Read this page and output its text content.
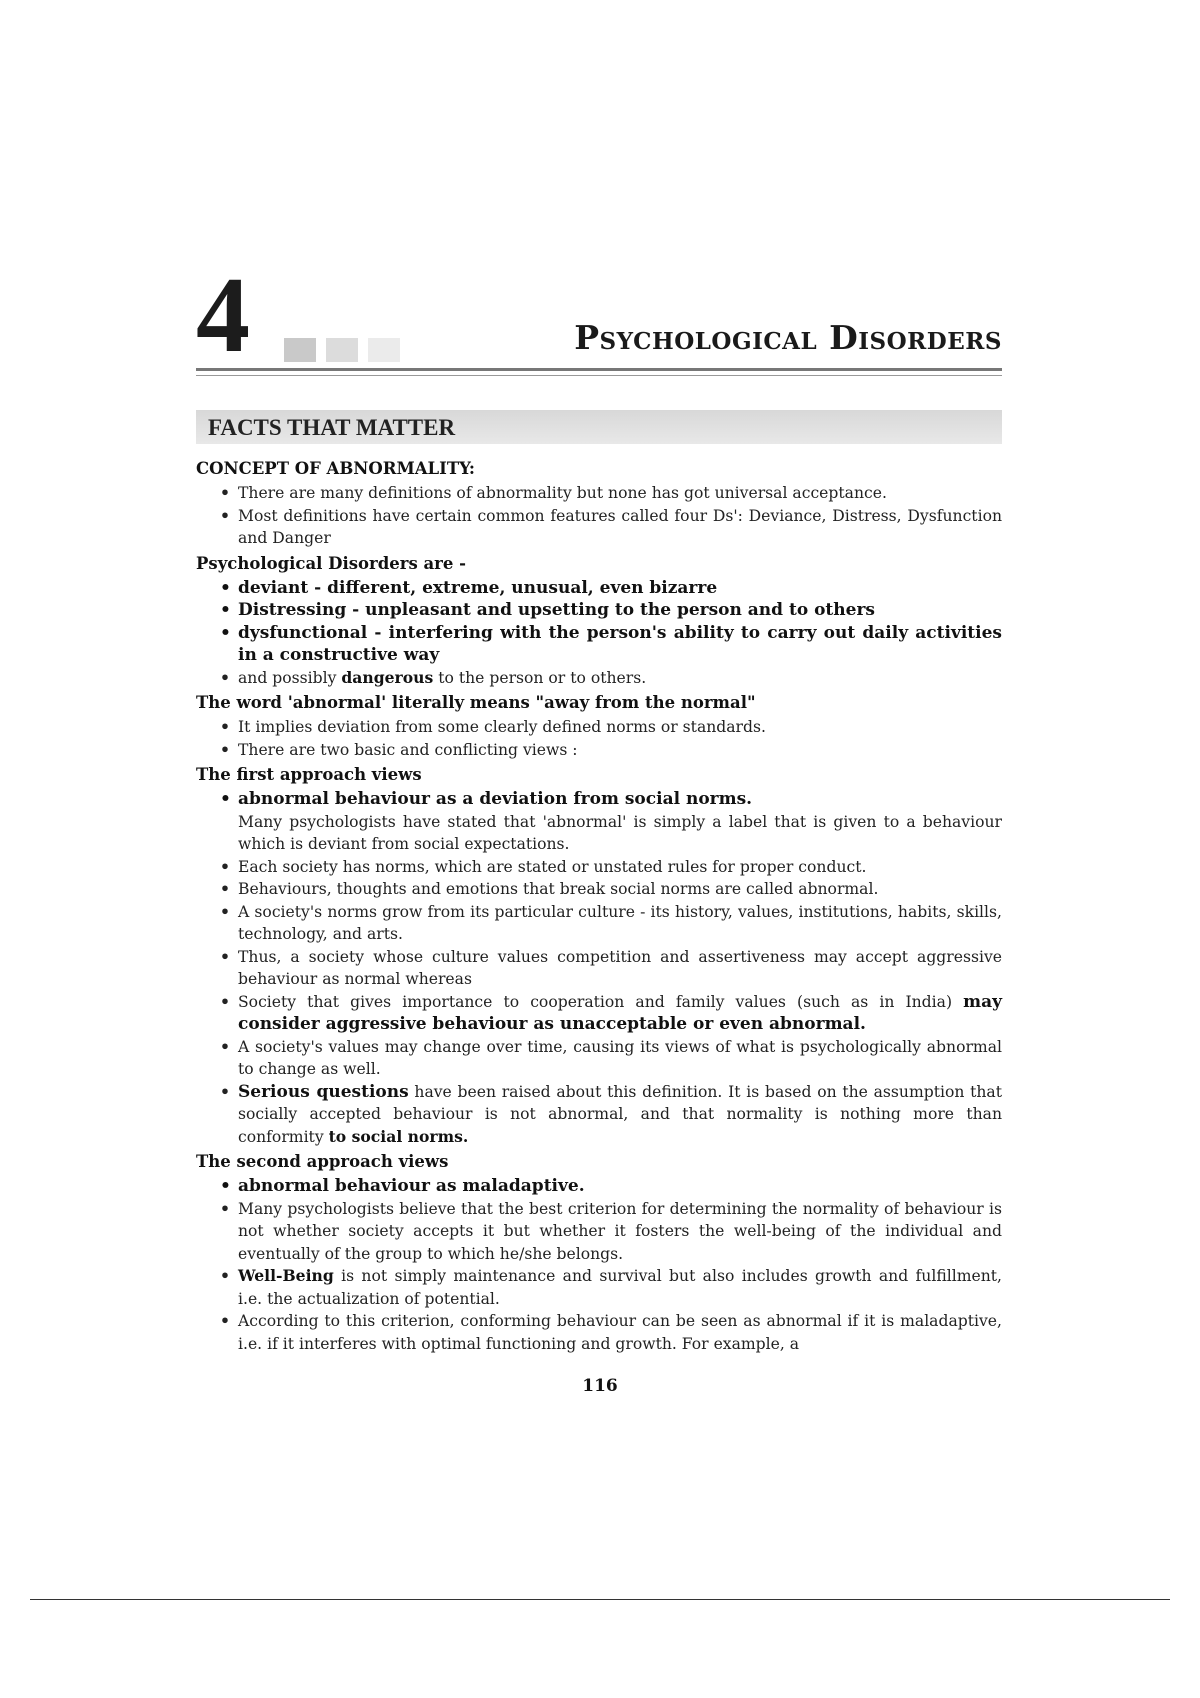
4	Psychological Disorders
FACTS THAT MATTER
CONCEPT OF ABNORMALITY:
• There are many definitions of abnormality but none has got universal acceptance.
• Most definitions have certain common features called four Ds': Deviance, Distress, Dysfunction and Danger
Psychological Disorders are -
• deviant - different, extreme, unusual, even bizarre
• Distressing - unpleasant and upsetting to the person and to others
• dysfunctional - interfering with the person's ability to carry out daily activities in a constructive way
• and possibly dangerous to the person or to others.
The word 'abnormal' literally means "away from the normal"
• It implies deviation from some clearly defined norms or standards.
• There are two basic and conflicting views :
The first approach views
• abnormal behaviour as a deviation from social norms.
Many psychologists have stated that 'abnormal' is simply a label that is given to a behaviour which is deviant from social expectations.
• Each society has norms, which are stated or unstated rules for proper conduct.
• Behaviours, thoughts and emotions that break social norms are called abnormal.
• A society's norms grow from its particular culture - its history, values, institutions, habits, skills, technology, and arts.
• Thus, a society whose culture values competition and assertiveness may accept aggressive behaviour as normal whereas
• Society that gives importance to cooperation and family values (such as in India) may consider aggressive behaviour as unacceptable or even abnormal.
• A society's values may change over time, causing its views of what is psychologically abnormal to change as well.
• Serious questions have been raised about this definition. It is based on the assumption that socially accepted behaviour is not abnormal, and that normality is nothing more than conformity to social norms.
The second approach views
• abnormal behaviour as maladaptive.
• Many psychologists believe that the best criterion for determining the normality of behaviour is not whether society accepts it but whether it fosters the well-being of the individual and eventually of the group to which he/she belongs.
• Well-Being is not simply maintenance and survival but also includes growth and fulfillment, i.e. the actualization of potential.
• According to this criterion, conforming behaviour can be seen as abnormal if it is maladaptive, i.e. if it interferes with optimal functioning and growth. For example, a
116
